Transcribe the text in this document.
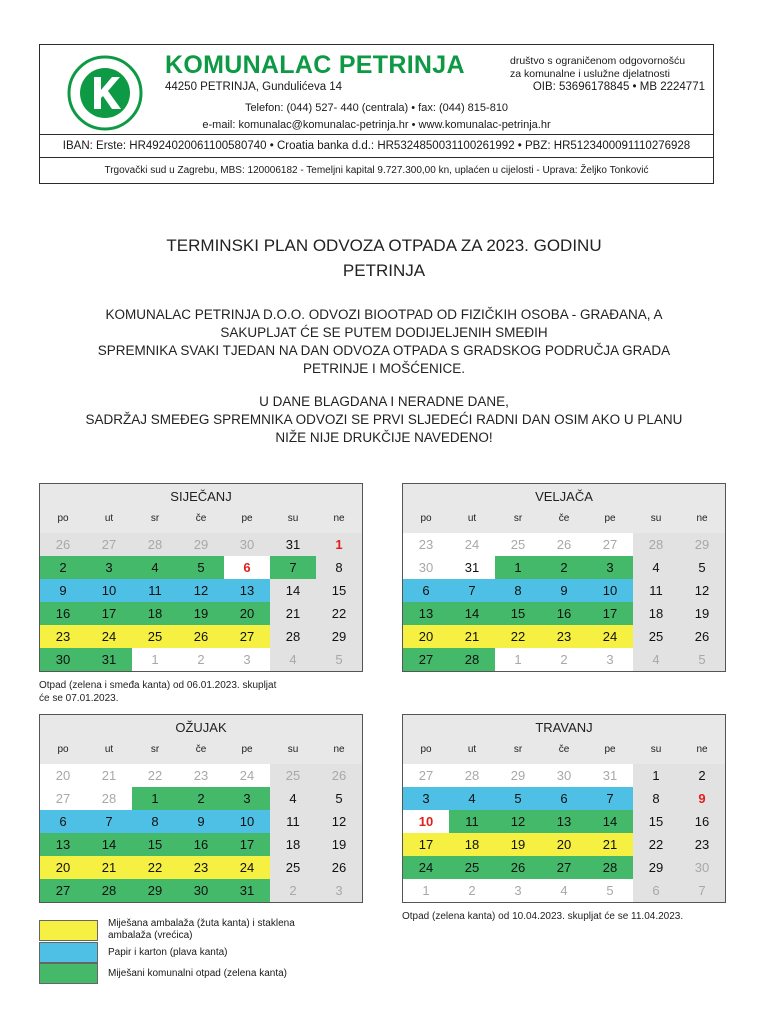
KOMUNALAC PETRINJA
44250 PETRINJA, Gundulićeva 14
društvo s ograničenom odgovornošću
za komunalne i uslužne djelatnosti
OIB: 53696178845 • MB 2224771
Telefon: (044) 527- 440 (centrala) • fax: (044) 815-810
e-mail: komunalac@komunalac-petrinja.hr • www.komunalac-petrinja.hr
IBAN: Erste: HR4924020061100580740 • Croatia banka d.d.: HR5324850031100261992 • PBZ: HR5123400091110276928
Trgovački sud u Zagrebu, MBS: 120006182 - Temeljni kapital 9.727.300,00 kn, uplaćen u cijelosti - Uprava: Željko Tonković
TERMINSKI PLAN ODVOZA OTPADA ZA 2023. GODINU
PETRINJA
KOMUNALAC PETRINJA D.O.O. ODVOZI BIOOTPAD OD FIZIČKIH OSOBA - GRAĐANA, A
SAKUPLJAT ĆE SE PUTEM DODIJELJENIH SMEĐIH
SPREMNIKA SVAKI TJEDAN NA DAN ODVOZA OTPADA S GRADSKOG PODRUČJA GRADA
PETRINJE I MOŠĆENICE.
U DANE BLAGDANA I NERADNE DANE,
SADRŽAJ SMEĐEG SPREMNIKA ODVOZI SE PRVI SLJEDEĆI RADNI DAN OSIM AKO U PLANU
NIŽE NIJE DRUKČIJE NAVEDENO!
SIJEČANJ
po	ut	sr	če	pe	su	ne
26	27	28	29	30	31	1
2	3	4	5	6	7	8
9	10	11	12	13	14	15
16	17	18	19	20	21	22
23	24	25	26	27	28	29
30	31	1	2	3	4	5
Otpad (zelena i smeđa kanta) od 06.01.2023. skupljat
će se 07.01.2023.
VELJAČA
po	ut	sr	če	pe	su	ne
23	24	25	26	27	28	29
30	31	1	2	3	4	5
6	7	8	9	10	11	12
13	14	15	16	17	18	19
20	21	22	23	24	25	26
27	28	1	2	3	4	5
OŽUJAK
po	ut	sr	če	pe	su	ne
20	21	22	23	24	25	26
27	28	1	2	3	4	5
6	7	8	9	10	11	12
13	14	15	16	17	18	19
20	21	22	23	24	25	26
27	28	29	30	31	2	3
TRAVANJ
po	ut	sr	če	pe	su	ne
27	28	29	30	31	1	2
3	4	5	6	7	8	9
10	11	12	13	14	15	16
17	18	19	20	21	22	23
24	25	26	27	28	29	30
1	2	3	4	5	6	7
Otpad (zelena kanta) od 10.04.2023. skupljat će se 11.04.2023.
Miješana ambalaža (žuta kanta) i staklena ambalaža (vrećica)
Papir i karton (plava kanta)
Miješani komunalni otpad (zelena kanta)
